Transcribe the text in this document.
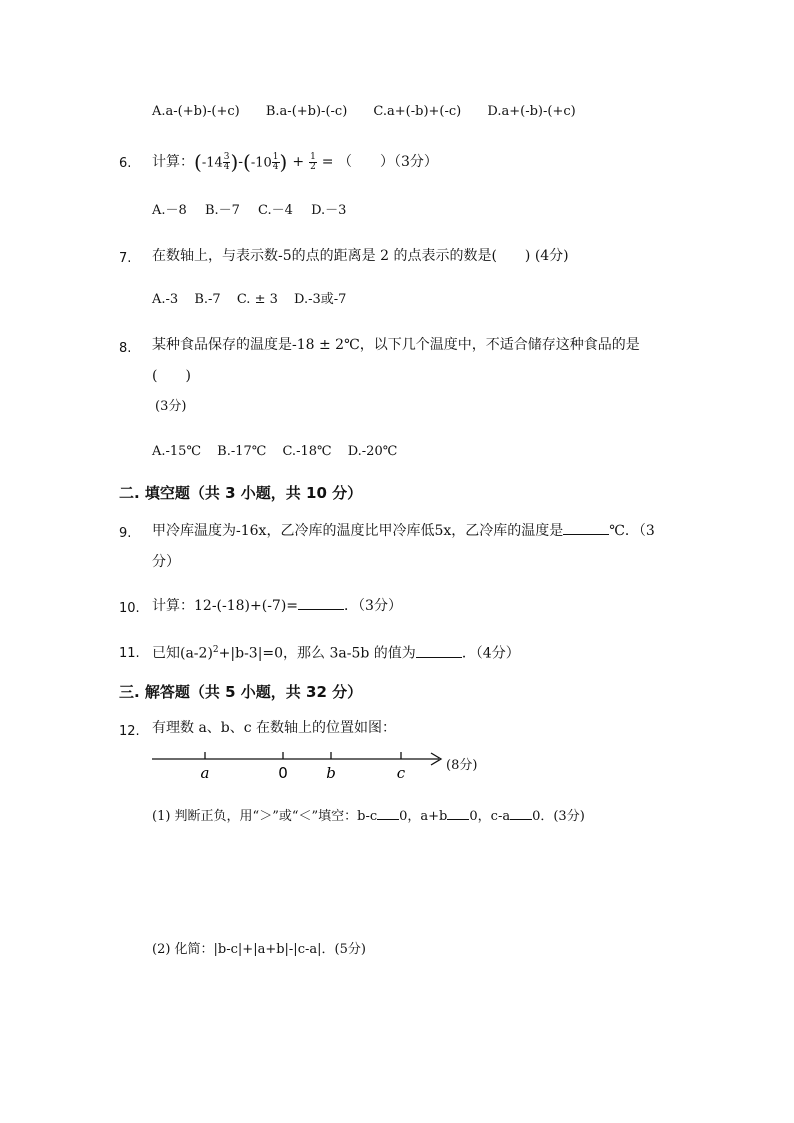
A.a-(+b)-(+c) B.a-(+b)-(-c) C.a+(-b)+(-c) D.a+(-b)-(+c)
6. 计算： ( $-14 \frac{3}{4}$ ) - ( $-10 \frac{1}{4}$ ) + $\frac{1}{2}$ = （　　）（3分）
A.－8 B.－7 C.－4 D.－3
7. 在数轴上，与表示数-5的点的距离是 2 的点表示的数是(　　) (4分)
A.-3 B.-7 C. ± 3 D.-3或-7
8. 某种食品保存的温度是-18 ± 2℃，以下几个温度中，不适合储存这种食品的是
(　　)
(3分)
A.-15℃ B.-17℃ C.-18℃ D.-20℃
二. 填空题（共 3 小题，共 10 分）
9. 甲冷库温度为-16x，乙冷库的温度比甲冷库低5x，乙冷库的温度是	℃．（3
分）
10. 计算：12-(-18)+(-7)=	．（3分）
11. 已知$(a-2)^2+|b-3|=0$，那么 3a-5b 的值为	．（4分）
三. 解答题（共 5 小题，共 32 分）
12. 有理数 a、b、c 在数轴上的位置如图：
a	0	b	c	(8分)
(1) 判断正负，用“＞”或“＜”填空：b-c 0，a+b 0，c-a 0．(3分)
(2) 化简：|b-c|+|a+b|-|c-a|．(5分)
